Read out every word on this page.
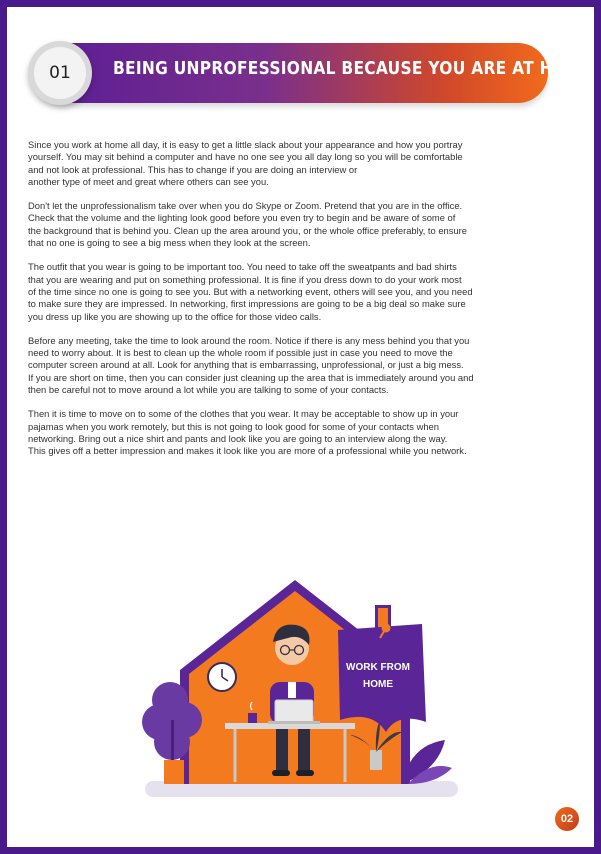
01	BEING UNPROFESSIONAL BECAUSE YOU ARE AT HOME

Since you work at home all day, it is easy to get a little slack about your appearance and how you portray
yourself. You may sit behind a computer and have no one see you all day long so you will be comfortable
and not look at professional. This has to change if you are doing an interview or
another type of meet and great where others can see you.

Don't let the unprofessionalism take over when you do Skype or Zoom. Pretend that you are in the office.
Check that the volume and the lighting look good before you even try to begin and be aware of some of
the background that is behind you. Clean up the area around you, or the whole office preferably, to ensure
that no one is going to see a big mess when they look at the screen.

The outfit that you wear is going to be important too. You need to take off the sweatpants and bad shirts
that you are wearing and put on something professional. It is fine if you dress down to do your work most
of the time since no one is going to see you. But with a networking event, others will see you, and you need
to make sure they are impressed. In networking, first impressions are going to be a big deal so make sure
you dress up like you are showing up to the office for those video calls.

Before any meeting, take the time to look around the room. Notice if there is any mess behind you that you
need to worry about. It is best to clean up the whole room if possible just in case you need to move the
computer screen around at all. Look for anything that is embarrassing, unprofessional, or just a big mess.
If you are short on time, then you can consider just cleaning up the area that is immediately around you and
then be careful not to move around a lot while you are talking to some of your contacts.

Then it is time to move on to some of the clothes that you wear. It may be acceptable to show up in your
pajamas when you work remotely, but this is not going to look good for some of your contacts when
networking. Bring out a nice shirt and pants and look like you are going to an interview along the way.
This gives off a better impression and makes it look like you are more of a professional while you network.

WORK FROM
HOME
02
